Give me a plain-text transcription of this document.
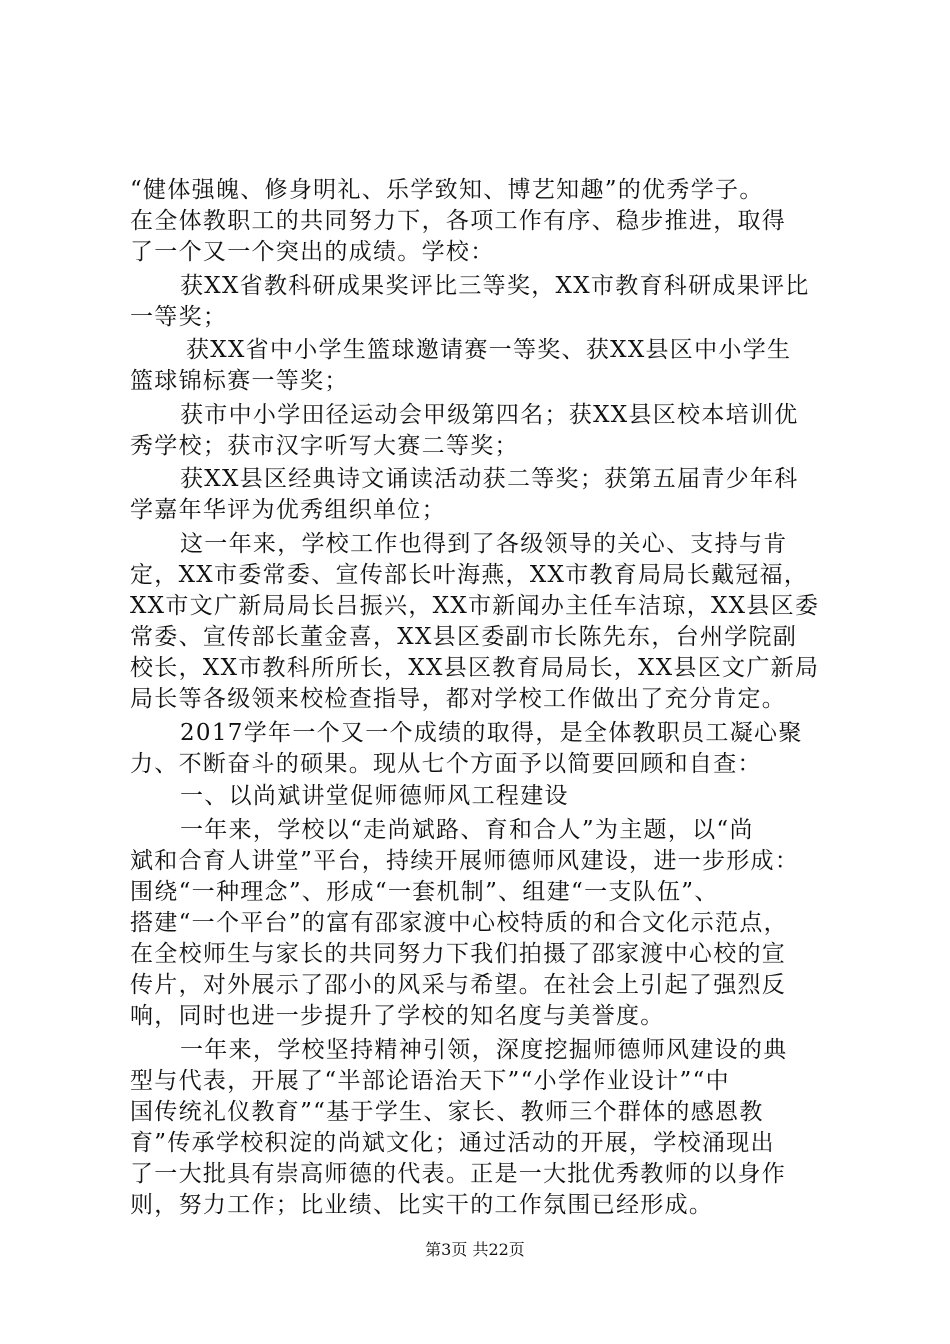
“健体强魄、修身明礼、乐学致知、博艺知趣”的优秀学子。
在全体教职工的共同努力下，各项工作有序、稳步推进，取得
了一个又一个突出的成绩。学校：
获XX省教科研成果奖评比三等奖，XX市教育科研成果评比
一等奖；
获XX省中小学生篮球邀请赛一等奖、获XX县区中小学生
篮球锦标赛一等奖；
获市中小学田径运动会甲级第四名；获XX县区校本培训优
秀学校；获市汉字听写大赛二等奖；
获XX县区经典诗文诵读活动获二等奖；获第五届青少年科
学嘉年华评为优秀组织单位；
这一年来，学校工作也得到了各级领导的关心、支持与肯
定，XX市委常委、宣传部长叶海燕，XX市教育局局长戴冠福，
XX市文广新局局长吕振兴，XX市新闻办主任车洁琼，XX县区委
常委、宣传部长董金喜，XX县区委副市长陈先东，台州学院副
校长，XX市教科所所长，XX县区教育局局长，XX县区文广新局
局长等各级领来校检查指导，都对学校工作做出了充分肯定。
2017学年一个又一个成绩的取得，是全体教职员工凝心聚
力、不断奋斗的硕果。现从七个方面予以简要回顾和自查：
一、以尚斌讲堂促师德师风工程建设
一年来，学校以“走尚斌路、育和合人”为主题，以“尚
斌和合育人讲堂”平台，持续开展师德师风建设，进一步形成：
围绕“一种理念”、形成“一套机制”、组建“一支队伍”、
搭建“一个平台”的富有邵家渡中心校特质的和合文化示范点，
在全校师生与家长的共同努力下我们拍摄了邵家渡中心校的宣
传片，对外展示了邵小的风采与希望。在社会上引起了强烈反
响，同时也进一步提升了学校的知名度与美誉度。
一年来，学校坚持精神引领，深度挖掘师德师风建设的典
型与代表，开展了“半部论语治天下”“小学作业设计”“中
国传统礼仪教育”“基于学生、家长、教师三个群体的感恩教
育”传承学校积淀的尚斌文化；通过活动的开展，学校涌现出
了一大批具有崇高师德的代表。正是一大批优秀教师的以身作
则，努力工作；比业绩、比实干的工作氛围已经形成。
第3页 共22页
